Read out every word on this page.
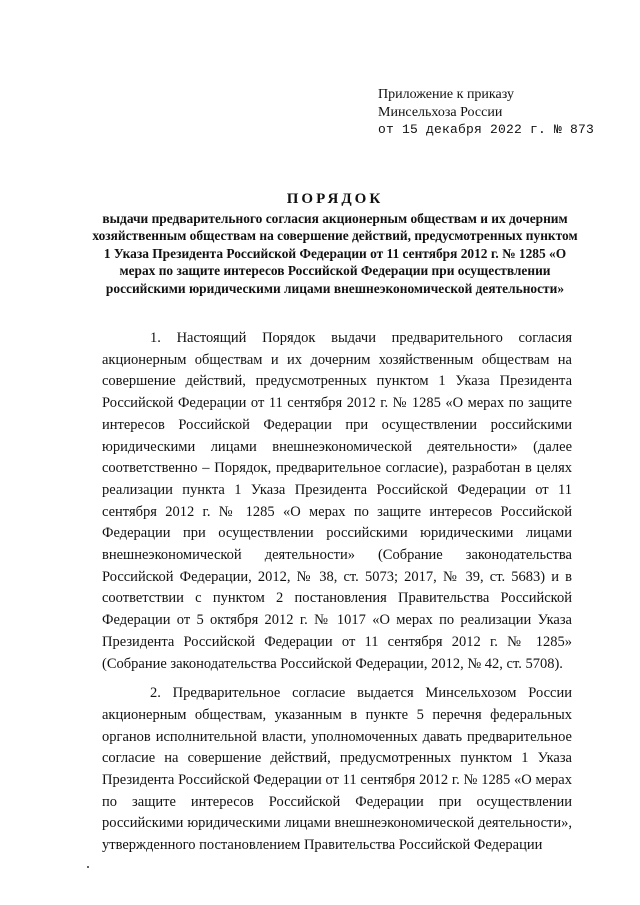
Приложение к приказу
Минсельхоза России
от 15 декабря 2022 г. № 873
ПОРЯДОК
выдачи предварительного согласия акционерным обществам и их дочерним хозяйственным обществам на совершение действий, предусмотренных пунктом 1 Указа Президента Российской Федерации от 11 сентября 2012 г. № 1285 «О мерах по защите интересов Российской Федерации при осуществлении российскими юридическими лицами внешнеэкономической деятельности»

1. Настоящий Порядок выдачи предварительного согласия акционерным обществам и их дочерним хозяйственным обществам на совершение действий, предусмотренных пунктом 1 Указа Президента Российской Федерации от 11 сентября 2012 г. № 1285 «О мерах по защите интересов Российской Федерации при осуществлении российскими юридическими лицами внешнеэкономической деятельности» (далее соответственно – Порядок, предварительное согласие), разработан в целях реализации пункта 1 Указа Президента Российской Федерации от 11 сентября 2012 г. № 1285 «О мерах по защите интересов Российской Федерации при осуществлении российскими юридическими лицами внешнеэкономической деятельности» (Собрание законодательства Российской Федерации, 2012, № 38, ст. 5073; 2017, № 39, ст. 5683) и в соответствии с пунктом 2 постановления Правительства Российской Федерации от 5 октября 2012 г. № 1017 «О мерах по реализации Указа Президента Российской Федерации от 11 сентября 2012 г. № 1285» (Собрание законодательства Российской Федерации, 2012, № 42, ст. 5708).

2. Предварительное согласие выдается Минсельхозом России акционерным обществам, указанным в пункте 5 перечня федеральных органов исполнительной власти, уполномоченных давать предварительное согласие на совершение действий, предусмотренных пунктом 1 Указа Президента Российской Федерации от 11 сентября 2012 г. № 1285 «О мерах по защите интересов Российской Федерации при осуществлении российскими юридическими лицами внешнеэкономической деятельности», утвержденного постановлением Правительства Российской Федерации
